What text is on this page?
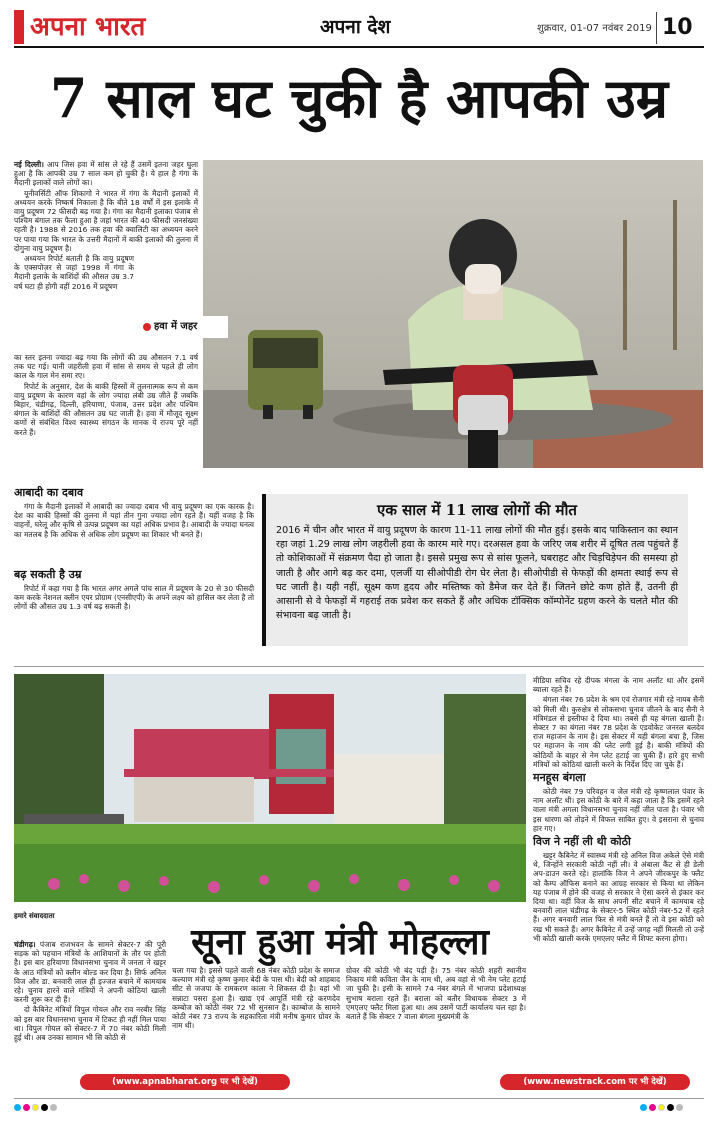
अपना भारत	अपना देश	शुक्रवार, 01-07 नवंबर 2019 10
7 साल घट चुकी है आपकी उम्र

नई दिल्ली। आप जिस हवा में सांस ले रहे हैं उसमें इतना जहर घुला हुआ है कि आपकी उम्र 7 साल कम हो चुकी है। ये हाल है गंगा के मैदानी इलाकों वाले लोगों का।

यूनीवर्सिटी ऑफ शिकागो ने भारत में गंगा के मैदानी इलाकों में अध्ययन करके निष्कर्ष निकाला है कि बीते 18 वर्षों में इस इलाके में वायु प्रदूषण 72 फीसदी बढ़ गया है। गंगा का मैदानी इलाका पंजाब से पश्चिम बंगाल तक फैला हुआ है जहां भारत की 40 फीसदी जनसंख्या रहती है। 1988 से 2016 तक हवा की क्वालिटी का अध्ययन करने पर पाया गया कि भारत के उत्तरी मैदानों में बाकी इलाकों की तुलना में दोगुना वायु प्रदूषण है।

अध्ययन रिपोर्ट बताती है कि वायु प्रदूषण के एक्सपोज़र से जहां 1998 में गंगा के मैदानी इलाके के बाशिंदों की औसत उम्र 3.7 वर्ष घटा ही होगी वहीं 2016 में प्रदूषण

का स्तर इतना ज्यादा बढ़ गया कि लोगों की उम्र औसतन 7.1 वर्ष तक घट गई। यानी जहरीली हवा में सांस से समय से पहले ही लोग काल के गाल मेन समा रए।

रिपोर्ट के अनुसार, देश के बाकी हिस्सों में तुलनात्मक रूप से कम वायु प्रदूषण के कारण वहां के लोग ज्यादा लंबी उम्र जीते हैं जबकि बिहार, चंडीगढ़, दिल्ली, हरियाणा, पंजाब, उत्तर प्रदेश और पश्चिम बंगाल के बाशिंदों की औसतन उम्र घट जाती है। हवा में मौजूद सूक्ष्म कणों से संबंधित विश्व स्वास्थ्य संगठन के मानक ये राज्य पूरे नहीं करते हैं।

हवा में जहर
आबादी का दबाव
गंगा के मैदानी इलाकों में आबादी का ज्यादा दबाव भी वायु प्रदूषण का एक कारक है। देश का बाकी हिस्सों की तुलना में यहां तीन गुना ज्यादा लोग रहते हैं। यहीं वजह है कि वाहनों, घरेलू और कृषि से उत्पन्न प्रदूषण का यहां अधिक प्रभाव है। आबादी के ज्यादा घनत्व का मतलब है कि अधिक से अधिक लोग प्रदूषण का शिकार भी बनते हैं।
बढ़ सकती है उम्र
रिपोर्ट में कहा गया है कि भारत अगर अगले पांच साल में प्रदूषण के 20 से 30 फीसदी कम करके नेशनल क्लीन एयर प्रोग्राम (एनसीएपी) के अपने लक्ष्य को हासिल कर लेता है तो लोगों की औसत उम्र 1.3 वर्ष बढ़ सकती है।
एक साल में 11 लाख लोगों की मौत
2016 में चीन और भारत में वायु प्रदूषण के कारण 11-11 लाख लोगों की मौत हुई। इसके बाद पाकिस्तान का स्थान रहा जहां 1.29 लाख लोग जहरीली हवा के कारम मारे गए। दरअसल हवा के जरिए जब शरीर में दूषित तत्व पहुंचते हैं तो कोशिकाओं में संक्रमण पैदा हो जाता है। इससे प्रमुख रूप से सांस फूलने, घबराहट और चिड़चिड़ेपन की समस्या हो जाती है और आगे बढ़ कर दमा, एलर्जी या सीओपीडी रोग घेर लेता है। सीओपीडी से फेफड़ों की क्षमता स्थाई रूप से घट जाती है। यही नहीं, सूक्ष्म कण हृदय और मस्तिष्क को डैमेज कर देते हैं। जितने छोटे कण होते हैं, उतनी ही आसानी से वे फेफड़ों में गहराई तक प्रवेश कर सकते हैं और अधिक टॉक्सिक कॉम्पोनेंट ग्रहण करने के चलते मौत की संभावना बढ़ जाती है।

मीडिया सचिव रहे दीपक मंगला के नाम अलॉट था और इसमें ब्याला रहते हैं।

बंगला नंबर 76 प्रदेश के श्रम एवं रोजगार मंत्री रहे नायब सैनी को मिली थी। कुरुक्षेत्र से लोकसभा चुनाव जीतने के बाद सैनी ने मंत्रिमंडल से इस्तीफा दे दिया था। तबसे ही यह बंगला खाली है। सेक्टर 7 का बंगला नंबर 78 प्रदेश के एडवोकेट जनरल बलदेव राज महाजन के नाम है। इस सेक्टर में यही बंगला बचा है, जिस पर महाजन के नाम की प्लेट लगी हुई है। बाकी मंत्रियों की कोठियों के बाहर से नेम प्लेट हटाई जा चुकी हैं। हारे हुए सभी मंत्रियों को कोठियां खाली करने के निर्देश दिए जा चुके हैं।

मनहूस बंगला

कोठी नंबर 79 परिवहन व जेल मंत्री रहे कृष्णलाल पंवार के नाम अलॉट थी। इस कोठी के बारे में कहा जाता है कि इसमें रहने वाला मंत्री अगला विधानसभा चुनाव नहीं जीत पाता है। पंवार भी इस धारणा को तोड़ने में विफल साबित हुए। वे इसराना से चुनाव हार गए।

विज ने नहीं ली थी कोठी

खट्टर कैबिनेट में स्वास्थ्य मंत्री रहे अनिल विज अकेले ऐसे मंत्री थे, जिन्होंने सरकारी कोठी नहीं ली। वे अंबाला कैंट से ही डेली अप-डाउन करते रहे। हालांकि विज ने अपने जीरकपुर के फ्लैट को कैम्प ऑफिस बनाने का आग्रह सरकार से किया था लेकिन यह पंजाब में होने की वजह से सरकार ने ऐसा करने से इंकार कर दिया था। वहीं विज के साथ अपनी सीट बचाने में कामयाब रहे बनवारी लाल चंडीगढ़ के सेक्टर-5 स्थित कोठी नंबर-52 में रहते हैं। अगर बनवारी लाल फिर से मंत्री बनते हैं तो वे इस कोठी को रख भी सकते हैं। अगर कैबिनेट में उन्हें जगह नहीं मिलती तो उन्हें भी कोठी खाली करके एमएलए फ्लैट में शिफ्ट करना होगा।

हमारे संवाददाता
सूना हुआ मंत्री मोहल्ला

चंडीगढ़। पंजाब राजभवन के सामने सेक्टर-7 की पूरी सड़क को पहचान मंत्रियों के आशियानों के तौर पर होती है। इस बार हरियाणा विधानसभा चुनाव में जनता ने खट्टर के आठ मंत्रियों को क्लीन बोल्ड कर दिया है। सिर्फ अनिल विज और डा. बनवारी लाल ही इज्जत बचाने में कामयाब रहे। चुनाव हारने वाले मंत्रियों ने अपनी कोठियां खाली करनी शुरू कर दी हैं।

दो कैबिनेट मंत्रियों विपुल गोयल और राव नरबीर सिंह को इस बार विधानसभा चुनाव में टिकट ही नहीं मिल पाया था। विपुल गोयल को सेक्टर-7 में 70 नंबर कोठी मिली हुई थी। अब उनका सामान भी सि कोठी से

चला गया है। इससे पहले वाली 68 नंबर कोठी प्रदेश के समाज कल्याण मंत्री रहे कृष्ण कुमार बेदी के पास थी। बेदी को शाहबाद सीट से जजपा के रामकरण काला ने शिकस्त दी है। वहां भी सन्नाटा पसरा हुआ है। खाद्य एवं आपूर्ति मंत्री रहे करणदेव कम्बोज को कोठी नंबर 72 भी सुनसान है। काम्बोज के सामने कोठी नंबर 73 राज्य के सहकारिता मंत्री मनीष कुमार ग्रोवर के नाम थी।

ग्रोवर की कोठी भी बंद पड़ी है। 75 नंबर कोठी शहरी स्थानीय निकाय मंत्री कविता जैन के नाम थी, अब वहां से भी नेम प्लेट हटाई जा चुकी है। इसी के सामने 74 नंबर बंगले में भाजपा प्रदेशाध्यक्ष सुभाष बराला रहते हैं। बराला को बतौर विधायक सेक्टर 3 में एमएलए फ्लैट मिला हुआ था। अब उसमें पार्टी कार्यालय चल रहा है। बताते हैं कि सेक्टर 7 वाला बंगला मुख्यमंत्री के

(www.apnabharat.org पर भी देखें)	(www.newstrack.com पर भी देखें)
